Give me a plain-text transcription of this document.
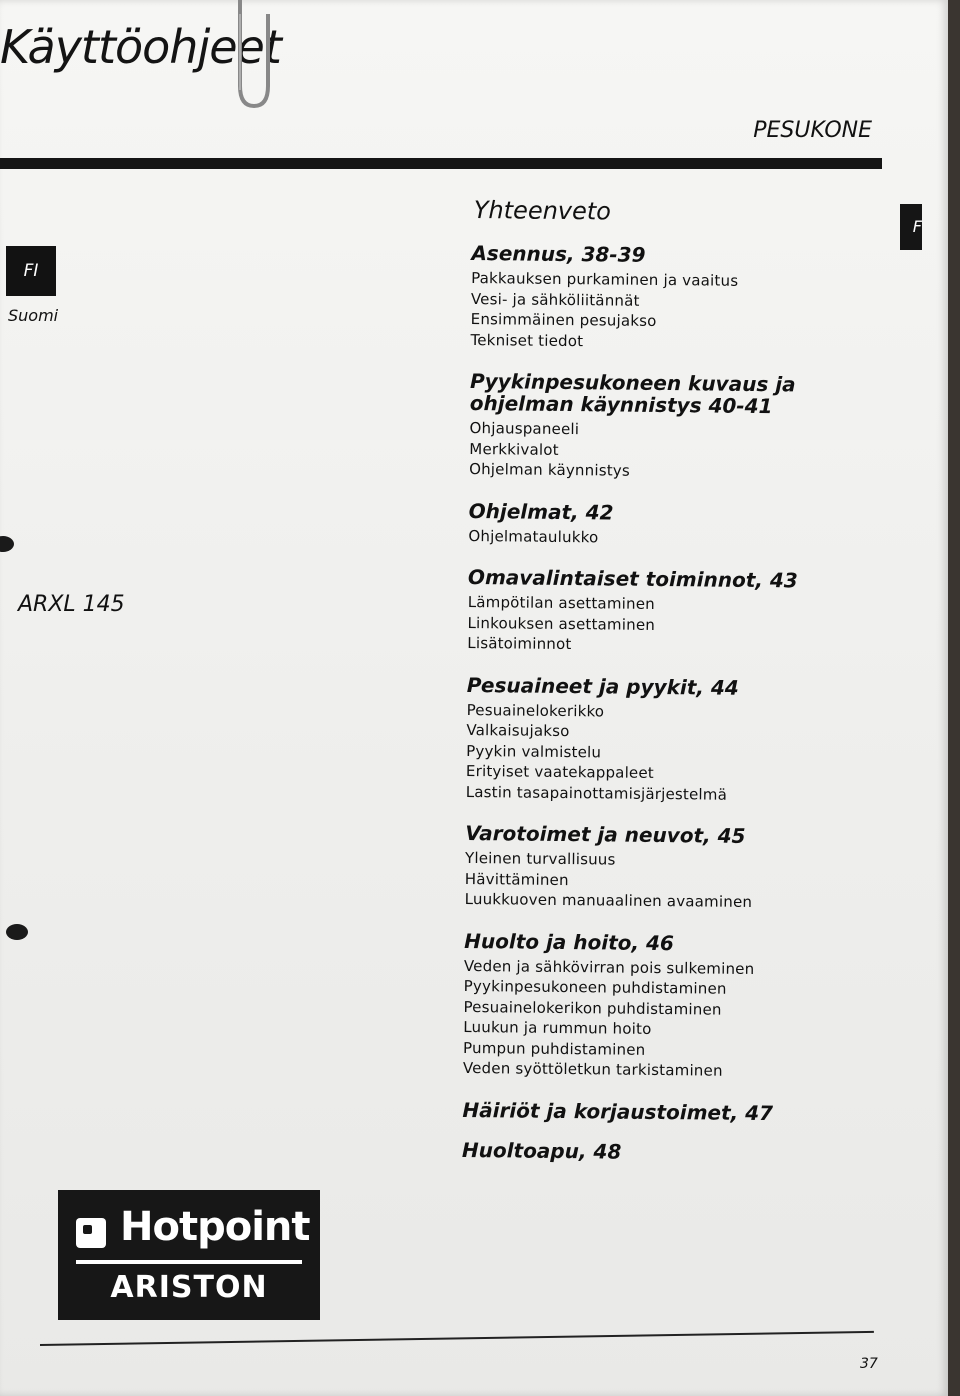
Käyttöohjeet
PESUKONE
F
FI
Suomi
ARXL 145
Yhteenveto
Asennus, 38-39
Pakkauksen purkaminen ja vaaitus
Vesi- ja sähköliitännät
Ensimmäinen pesujakso
Tekniset tiedot
Pyykinpesukoneen kuvaus ja ohjelman käynnistys 40-41
Ohjauspaneeli
Merkkivalot
Ohjelman käynnistys
Ohjelmat, 42
Ohjelmataulukko
Omavalintaiset toiminnot, 43
Lämpötilan asettaminen
Linkouksen asettaminen
Lisätoiminnot
Pesuaineet ja pyykit, 44
Pesuainelokerikko
Valkaisujakso
Pyykin valmistelu
Erityiset vaatekappaleet
Lastin tasapainottamisjärjestelmä
Varotoimet ja neuvot, 45
Yleinen turvallisuus
Hävittäminen
Luukkuoven manuaalinen avaaminen
Huolto ja hoito, 46
Veden ja sähkövirran pois sulkeminen
Pyykinpesukoneen puhdistaminen
Pesuainelokerikon puhdistaminen
Luukun ja rummun hoito
Pumpun puhdistaminen
Veden syöttöletkun tarkistaminen
Häiriöt ja korjaustoimet, 47
Huoltoapu, 48
Hotpoint
ARISTON
37
